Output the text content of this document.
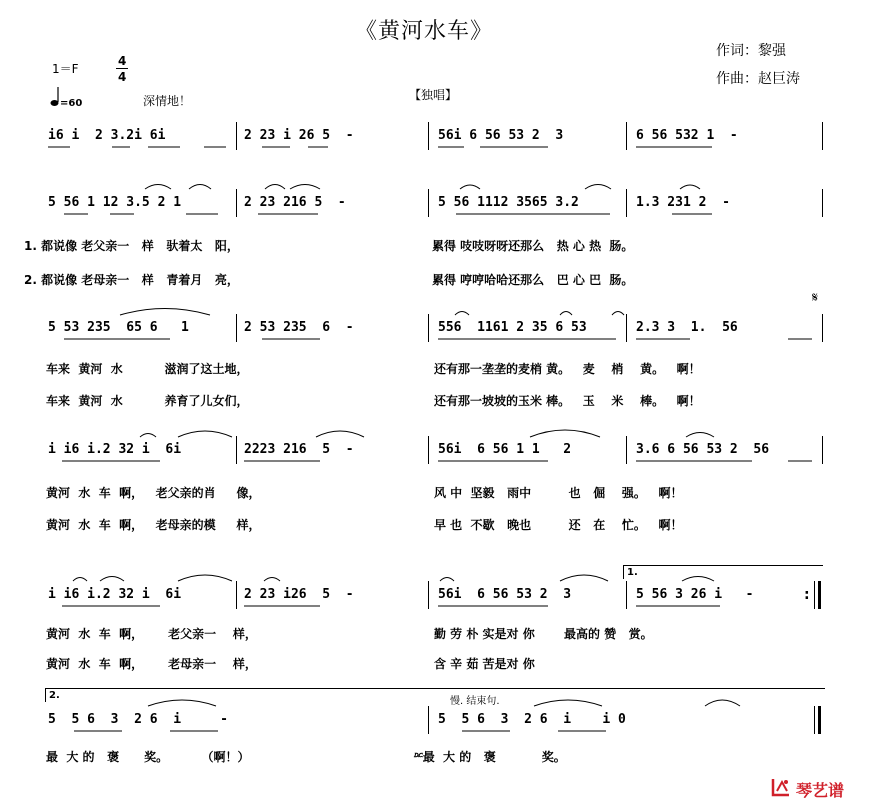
《黄河水车》
作词：黎强
作曲：赵巨涛
1＝F
4
4
=60	深情地！	【独唱】
i6 i  2 3.2i 6i	2 23 i 26 5  -	56i 6 56 53 2  3	6 56 532 1  -
5 56 1 12 3.5 2 1	2 23 216 5  -	5 56 1112 3565 3.2	1.3 231 2  -
1. 都说像 老父亲一   样   驮着太   阳，	累得 吱吱呀呀还那么   热 心 热  肠。
2. 都说像 老母亲一   样   青着月   亮，	累得 哼哼哈哈还那么   巴 心 巴  肠。
𝄋
5 53 235  65 6   1	2 53 235  6  -	556  1161 2 35 6 53	2.3 3  1.  56
车来  黄河  水          滋润了这土地，	还有那一垄垄的麦梢 黄。   麦    梢    黄。   啊！
车来  黄河  水          养育了儿女们，	还有那一坡坡的玉米 棒。   玉    米    棒。   啊！
i i6 i.2 32 i  6i	2223 216  5  -	56i  6 56 1 1   2	3.6 6 56 53 2  56
黄河  水  车  啊，   老父亲的肖     像，	风 中  坚毅   雨中         也   倔    强。   啊！
黄河  水  车  啊，   老母亲的模     样，	早 也  不歇   晚也         还   在    忙。   啊！
1.
i i6 i.2 32 i  6i	2 23 i26  5  -	56i  6 56 53 2  3	5 56 3 26 i   -	:
黄河  水  车  啊，      老父亲一    样，	勤 劳 朴 实是对 你       最高的 赞   赏。
黄河  水  车  啊，      老母亲一    样，	含 辛 茹 苦是对 你
2.
慢. 结束句.
5  5 6  3  2 6  i     -	5  5 6  3  2 6  i    i 0
最  大 的   褒      奖。        （啊！）	𝄊最  大 的   褒           奖。
琴艺谱
